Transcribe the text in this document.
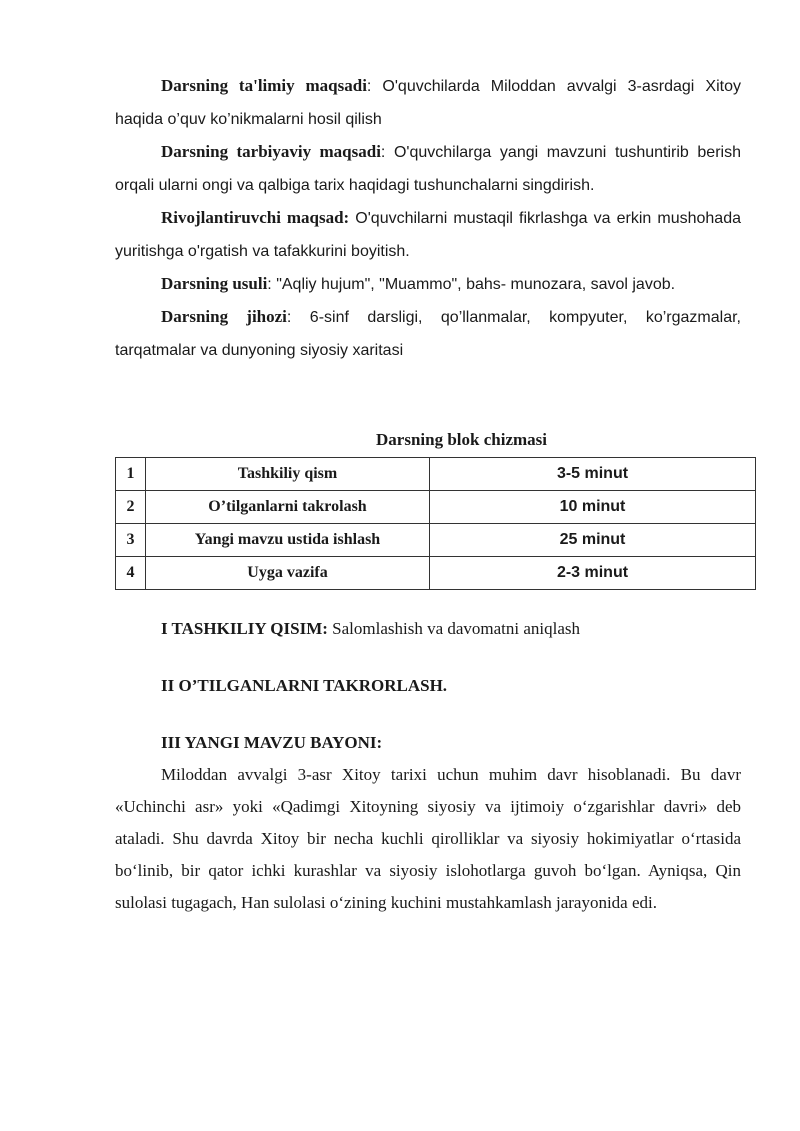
Darsning ta'limiy maqsadi: O'quvchilarda Miloddan avvalgi 3-asrdagi Xitoy haqida o’quv ko’nikmalarni hosil qilish

Darsning tarbiyaviy maqsadi: O'quvchilarga yangi mavzuni tushuntirib berish orqali ularni ongi va qalbiga tarix haqidagi tushunchalarni singdirish.

Rivojlantiruvchi maqsad: O'quvchilarni mustaqil fikrlashga va erkin mushohada yuritishga o'rgatish va tafakkurini boyitish.

Darsning usuli: "Aqliy hujum", "Muammo", bahs- munozara, savol javob.

Darsning jihozi: 6-sinf darsligi, qo’llanmalar, kompyuter, ko’rgazmalar, tarqatmalar va dunyoning siyosiy xaritasi

Darsning blok chizmasi

1	Tashkiliy qism	3-5 minut
2	O’tilganlarni takrolash	10 minut
3	Yangi mavzu ustida ishlash	25 minut
4	Uyga vazifa	2-3 minut

I TASHKILIY QISIM: Salomlashish va davomatni aniqlash

II O’TILGANLARNI TAKRORLASH.

III YANGI MAVZU BAYONI:

Miloddan avvalgi 3-asr Xitoy tarixi uchun muhim davr hisoblanadi. Bu davr «Uchinchi asr» yoki «Qadimgi Xitoyning siyosiy va ijtimoiy o‘zgarishlar davri» deb ataladi. Shu davrda Xitoy bir necha kuchli qirolliklar va siyosiy hokimiyatlar o‘rtasida bo‘linib, bir qator ichki kurashlar va siyosiy islohotlarga guvoh bo‘lgan. Ayniqsa, Qin sulolasi tugagach, Han sulolasi o‘zining kuchini mustahkamlash jarayonida edi.
